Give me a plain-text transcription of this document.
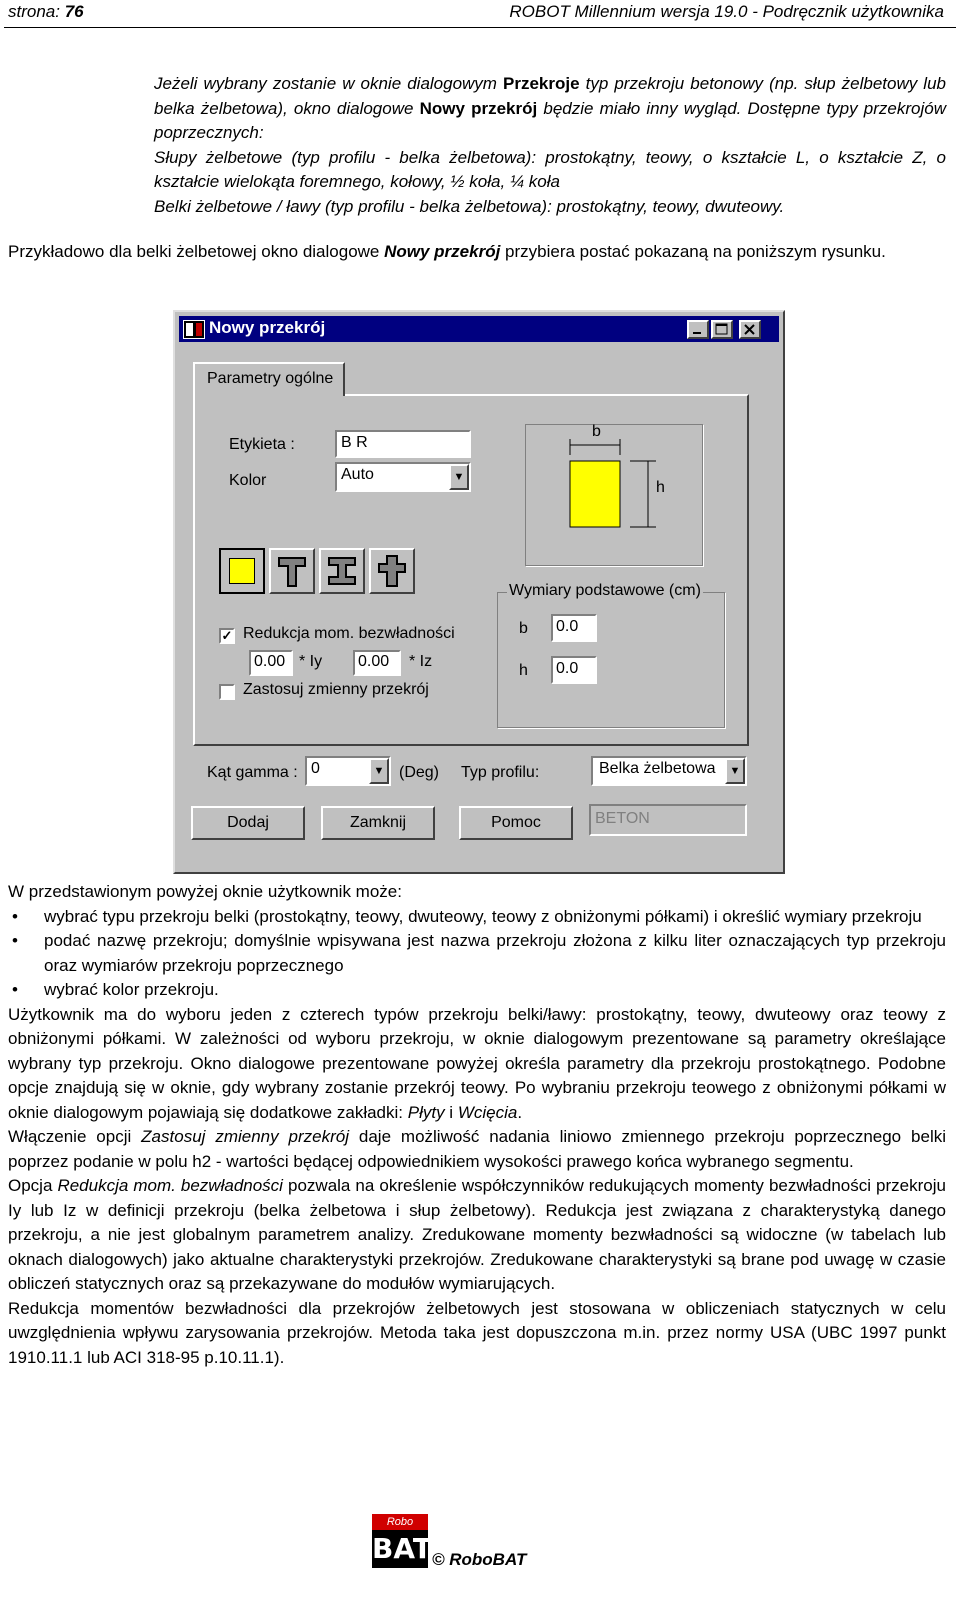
strona: 76	ROBOT Millennium wersja 19.0 - Podręcznik użytkownika
Jeżeli wybrany zostanie w oknie dialogowym Przekroje typ przekroju betonowy (np. słup żelbetowy lub belka żelbetowa), okno dialogowe Nowy przekrój będzie miało inny wygląd. Dostępne typy przekrojów poprzecznych:
Słupy żelbetowe (typ profilu - belka żelbetowa): prostokątny, teowy, o kształcie L, o kształcie Z, o kształcie wielokąta foremnego, kołowy, ½ koła, ¼ koła
Belki żelbetowe / ławy (typ profilu - belka żelbetowa): prostokątny, teowy, dwuteowy.
Przykładowo dla belki żelbetowej okno dialogowe Nowy przekrój przybiera postać pokazaną na poniższym rysunku.
Nowy przekrój
Parametry ogólne
Etykieta :	B R
Kolor	Auto	▼
✓ Redukcja mom. bezwładności
0.00 * Iy	0.00	* Iz
Zastosuj zmienny przekrój
b
h
Wymiary podstawowe (cm)
b	0.0
h	0.0
Kąt gamma : 0	▼ (Deg) Typ profilu:	Belka żelbetowa	▼
Dodaj	Zamknij	Pomoc	BETON
W przedstawionym powyżej oknie użytkownik może:
• wybrać typu przekroju belki (prostokątny, teowy, dwuteowy, teowy z obniżonymi półkami) i określić wymiary przekroju
• podać nazwę przekroju; domyślnie wpisywana jest nazwa przekroju złożona z kilku liter oznaczających typ przekroju oraz wymiarów przekroju poprzecznego
• wybrać kolor przekroju.
Użytkownik ma do wyboru jeden z czterech typów przekroju belki/ławy: prostokątny, teowy, dwuteowy oraz teowy z obniżonymi półkami. W zależności od wyboru przekroju, w oknie dialogowym prezentowane są parametry określające wybrany typ przekroju. Okno dialogowe prezentowane powyżej określa parametry dla przekroju prostokątnego. Podobne opcje znajdują się w oknie, gdy wybrany zostanie przekrój teowy. Po wybraniu przekroju teowego z obniżonymi półkami w oknie dialogowym pojawiają się dodatkowe zakładki: Płyty i Wcięcia.
Włączenie opcji Zastosuj zmienny przekrój daje możliwość nadania liniowo zmiennego przekroju poprzecznego belki poprzez podanie w polu h2 - wartości będącej odpowiednikiem wysokości prawego końca wybranego segmentu.
Opcja Redukcja mom. bezwładności pozwala na określenie współczynników redukujących momenty bezwładności przekroju Iy lub Iz w definicji przekroju (belka żelbetowa i słup żelbetowy). Redukcja jest związana z charakterystyką danego przekroju, a nie jest globalnym parametrem analizy. Zredukowane momenty bezwładności są widoczne (w tabelach lub oknach dialogowych) jako aktualne charakterystyki przekrojów. Zredukowane charakterystyki są brane pod uwagę w czasie obliczeń statycznych oraz są przekazywane do modułów wymiarujących.
Redukcja momentów bezwładności dla przekrojów żelbetowych jest stosowana w obliczeniach statycznych w celu uwzględnienia wpływu zarysowania przekrojów. Metoda taka jest dopuszczona m.in. przez normy USA (UBC 1997 punkt 1910.11.1 lub ACI 318-95 p.10.11.1).
Robo
BAT © RoboBAT
